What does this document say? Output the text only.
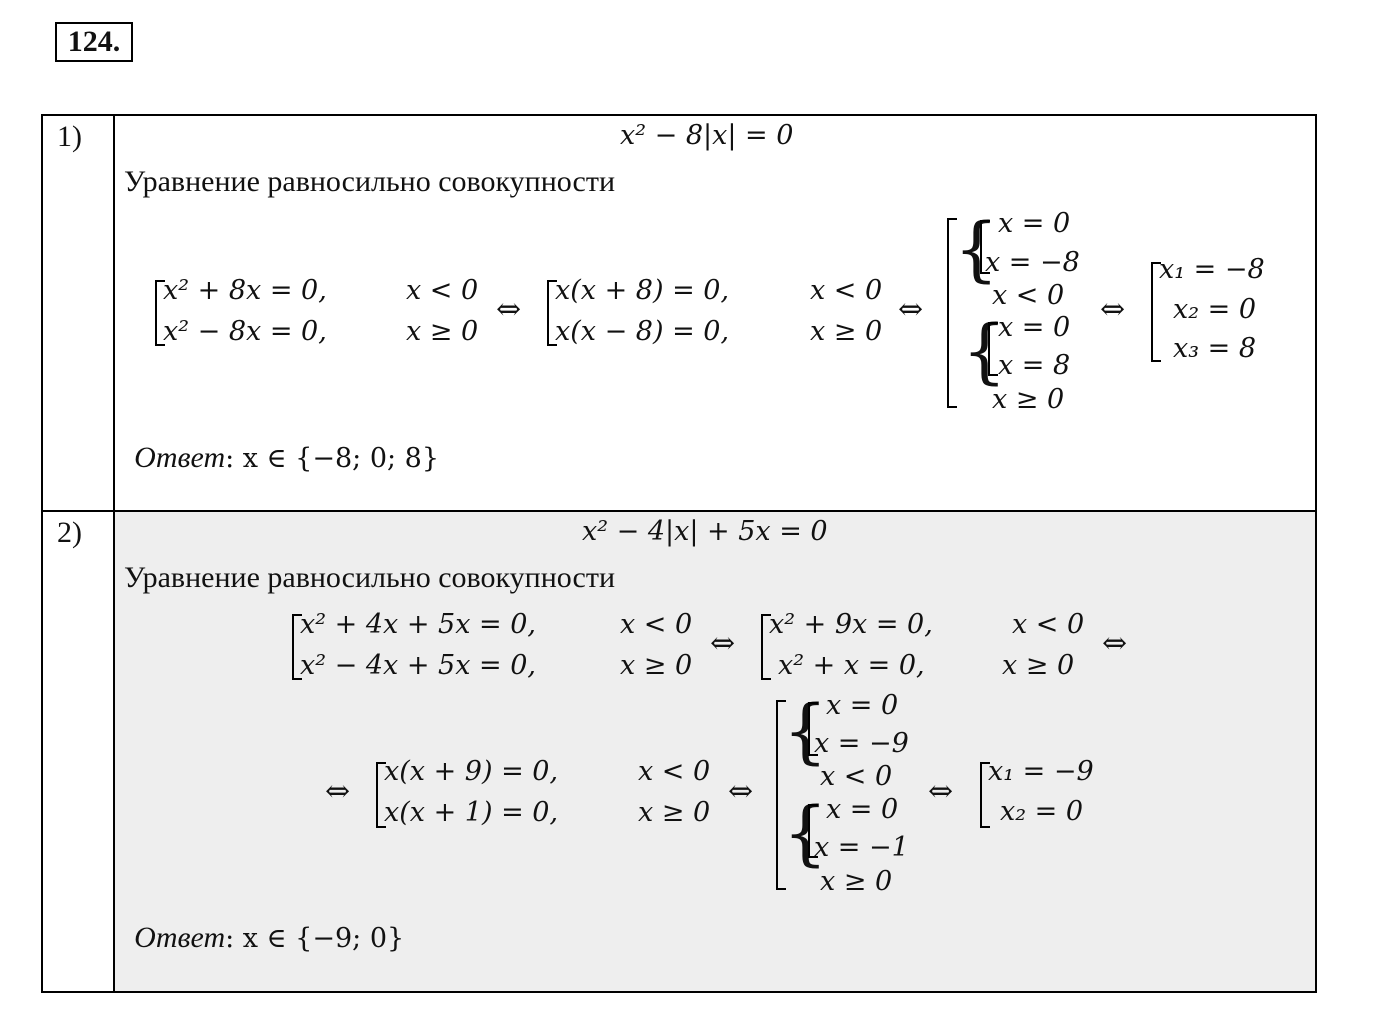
124.
1)
2)
x² − 8|x| = 0
Уравнение равносильно совокупности
x² + 8x = 0,	x < 0
x² − 8x = 0,	x ≥ 0
⇔
x(x + 8) = 0,	x < 0
x(x − 8) = 0,	x ≥ 0
⇔
{ x = 0
x = −8
x < 0
{
x = 0
x = 8
x ≥ 0
⇔
x₁ = −8
x₂ = 0
x₃ = 8

Ответ: x ∈ {−8; 0; 8}

x² − 4|x| + 5x = 0
Уравнение равносильно совокупности
x² + 4x + 5x = 0,	x < 0
x² − 4x + 5x = 0,	x ≥ 0
⇔
x² + 9x = 0,	x < 0
x² + x = 0,	x ≥ 0
⇔
⇔
x(x + 9) = 0,	x < 0
x(x + 1) = 0,	x ≥ 0
⇔
{
x = 0
x = −9
x < 0
{
x = 0
x = −1
x ≥ 0
⇔
x₁ = −9
x₂ = 0

Ответ: x ∈ {−9; 0}
